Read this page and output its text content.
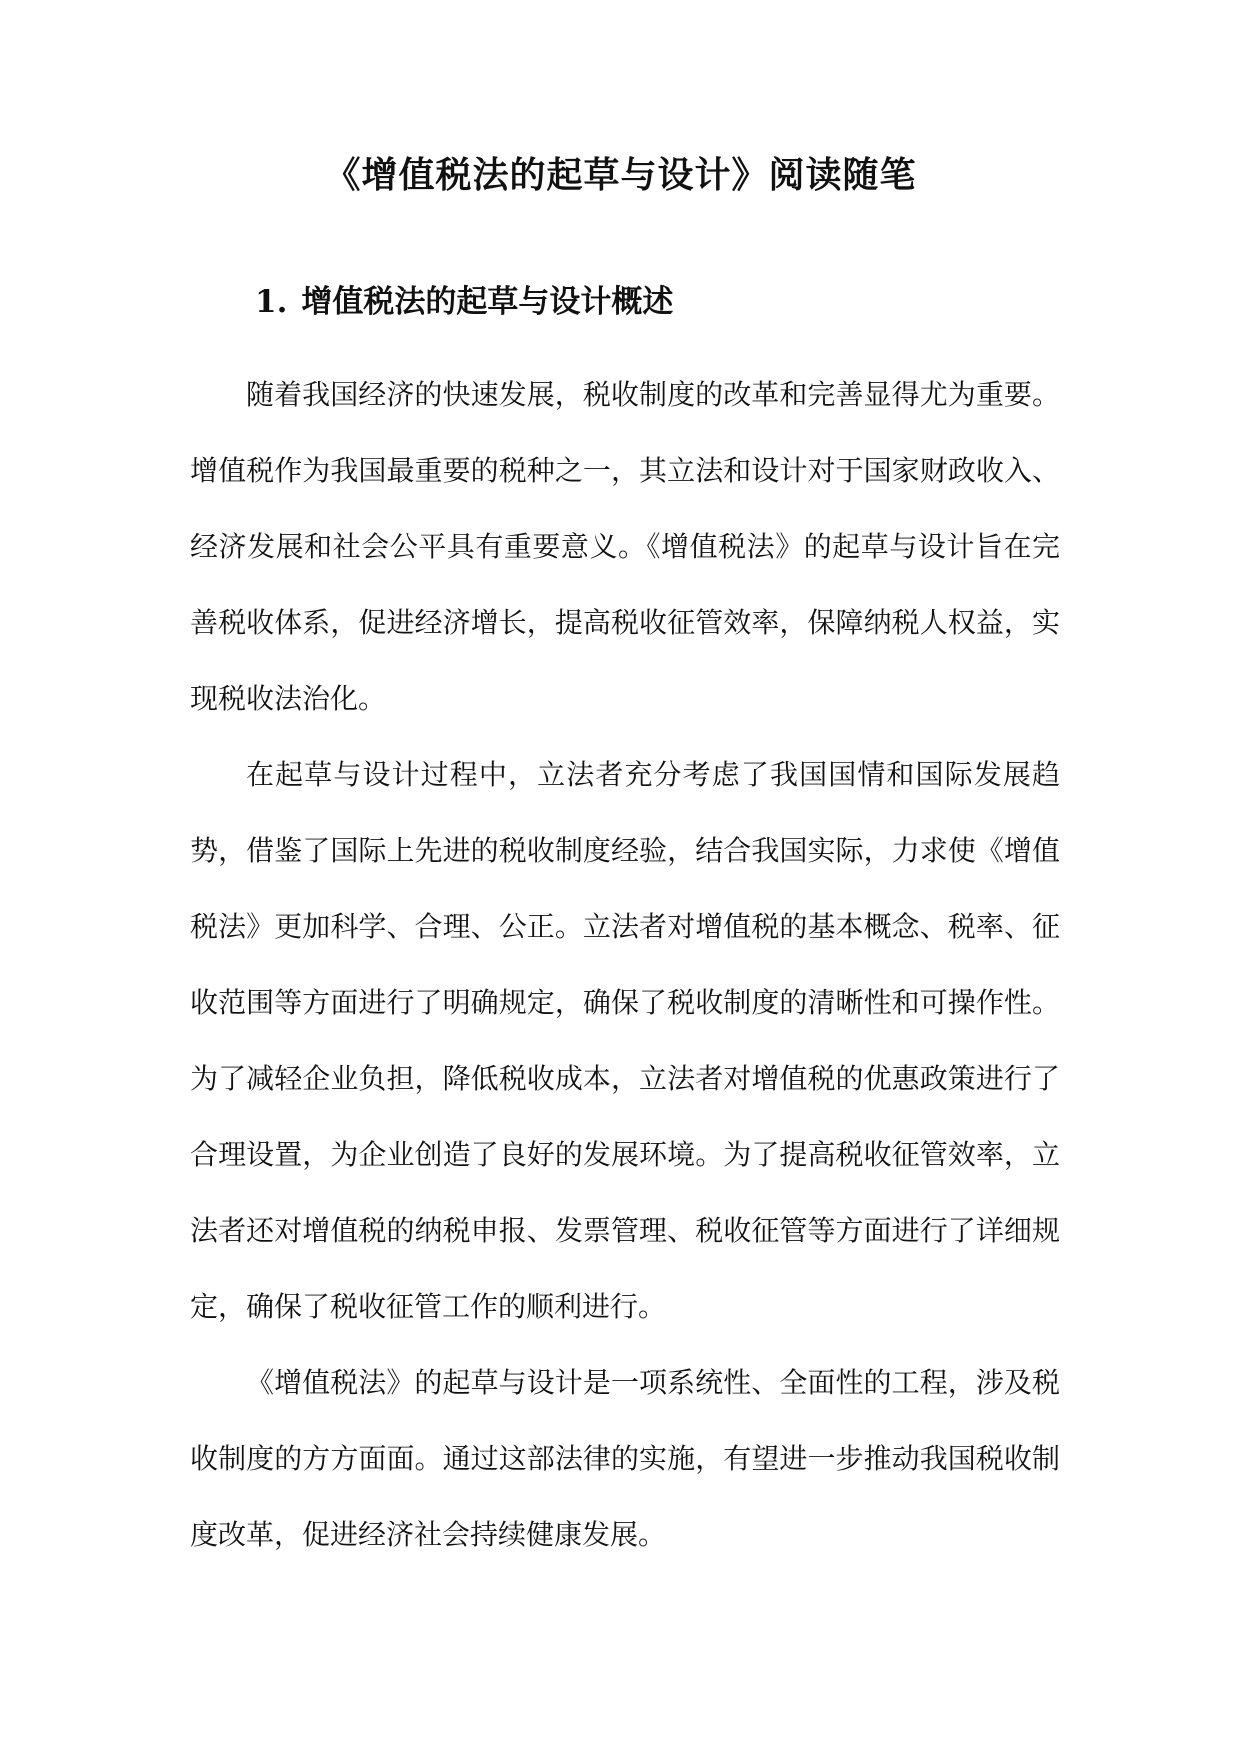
《增值税法的起草与设计》阅读随笔
1. 增值税法的起草与设计概述

随着我国经济的快速发展，税收制度的改革和完善显得尤为重要。增值税作为我国最重要的税种之一，其立法和设计对于国家财政收入、经济发展和社会公平具有重要意义。《增值税法》的起草与设计旨在完善税收体系，促进经济增长，提高税收征管效率，保障纳税人权益，实现税收法治化。

在起草与设计过程中，立法者充分考虑了我国国情和国际发展趋势，借鉴了国际上先进的税收制度经验，结合我国实际，力求使《增值税法》更加科学、合理、公正。立法者对增值税的基本概念、税率、征收范围等方面进行了明确规定，确保了税收制度的清晰性和可操作性。为了减轻企业负担，降低税收成本，立法者对增值税的优惠政策进行了合理设置，为企业创造了良好的发展环境。为了提高税收征管效率，立法者还对增值税的纳税申报、发票管理、税收征管等方面进行了详细规定，确保了税收征管工作的顺利进行。

《增值税法》的起草与设计是一项系统性、全面性的工程，涉及税收制度的方方面面。通过这部法律的实施，有望进一步推动我国税收制度改革，促进经济社会持续健康发展。
